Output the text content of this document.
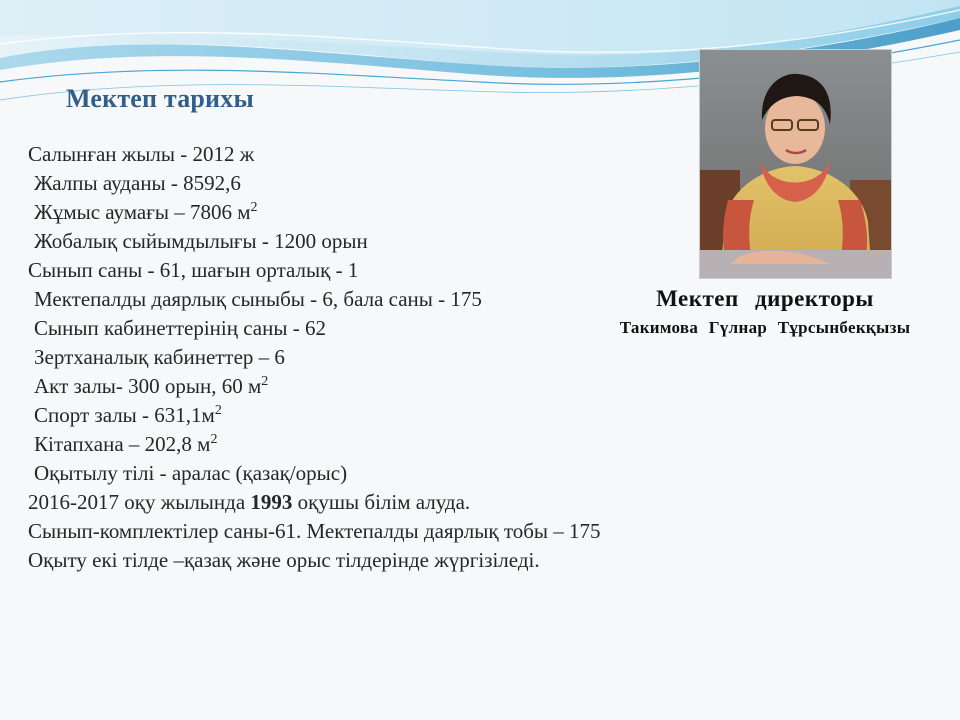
Мектеп тарихы
Салынған жылы - 2012 ж
Жалпы ауданы - 8592,6
Жұмыс аумағы – 7806 $м^2$
Жобалық сыйымдылығы - 1200 орын
Сынып саны - 61, шағын орталық - 1
Мектепалды даярлық сыныбы - 6, бала саны - 175
Сынып кабинеттерінің саны - 62
Зертханалық кабинеттер – 6
Акт залы- 300 орын, 60 $м^2$
Спорт залы - $631,1м^2$
Кітапхана – 202,8 $м^2$
Оқытылу тілі - аралас (қазақ/орыс)
2016-2017 оқу жылында 1993 оқушы білім алуда.
Сынып-комплектілер саны-61. Мектепалды даярлық тобы – 175 Оқыту екі тілде –қазақ және орыс тілдерінде жүргізіледі.
Мектеп директоры
Такимова Гүлнар Тұрсынбекқызы
